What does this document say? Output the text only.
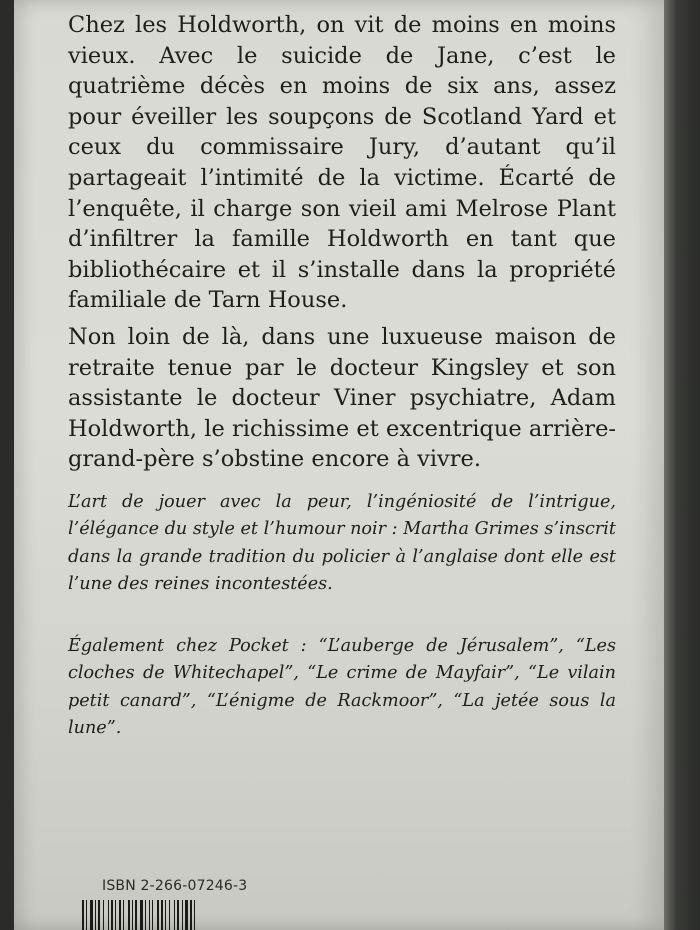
Chez les Holdworth, on vit de moins en moins vieux. Avec le suicide de Jane, c’est le quatrième décès en moins de six ans, assez pour éveiller les soupçons de Scotland Yard et ceux du commissaire Jury, d’autant qu’il partageait l’intimité de la victime. Écarté de l’enquête, il charge son vieil ami Melrose Plant d’infiltrer la famille Holdworth en tant que bibliothécaire et il s’installe dans la propriété familiale de Tarn House.

Non loin de là, dans une luxueuse maison de retraite tenue par le docteur Kingsley et son assistante le docteur Viner psychiatre, Adam Holdworth, le richissime et excentrique arrière-grand-père s’obstine encore à vivre.

L’art de jouer avec la peur, l’ingéniosité de l’intrigue, l’élégance du style et l’humour noir : Martha Grimes s’inscrit dans la grande tradition du policier à l’anglaise dont elle est l’une des reines incontestées.
Également chez Pocket : “L’auberge de Jérusalem”, “Les cloches de Whitechapel”, “Le crime de Mayfair”, “Le vilain petit canard”, “L’énigme de Rackmoor”, “La jetée sous la lune”.
ISBN 2-266-07246-3
